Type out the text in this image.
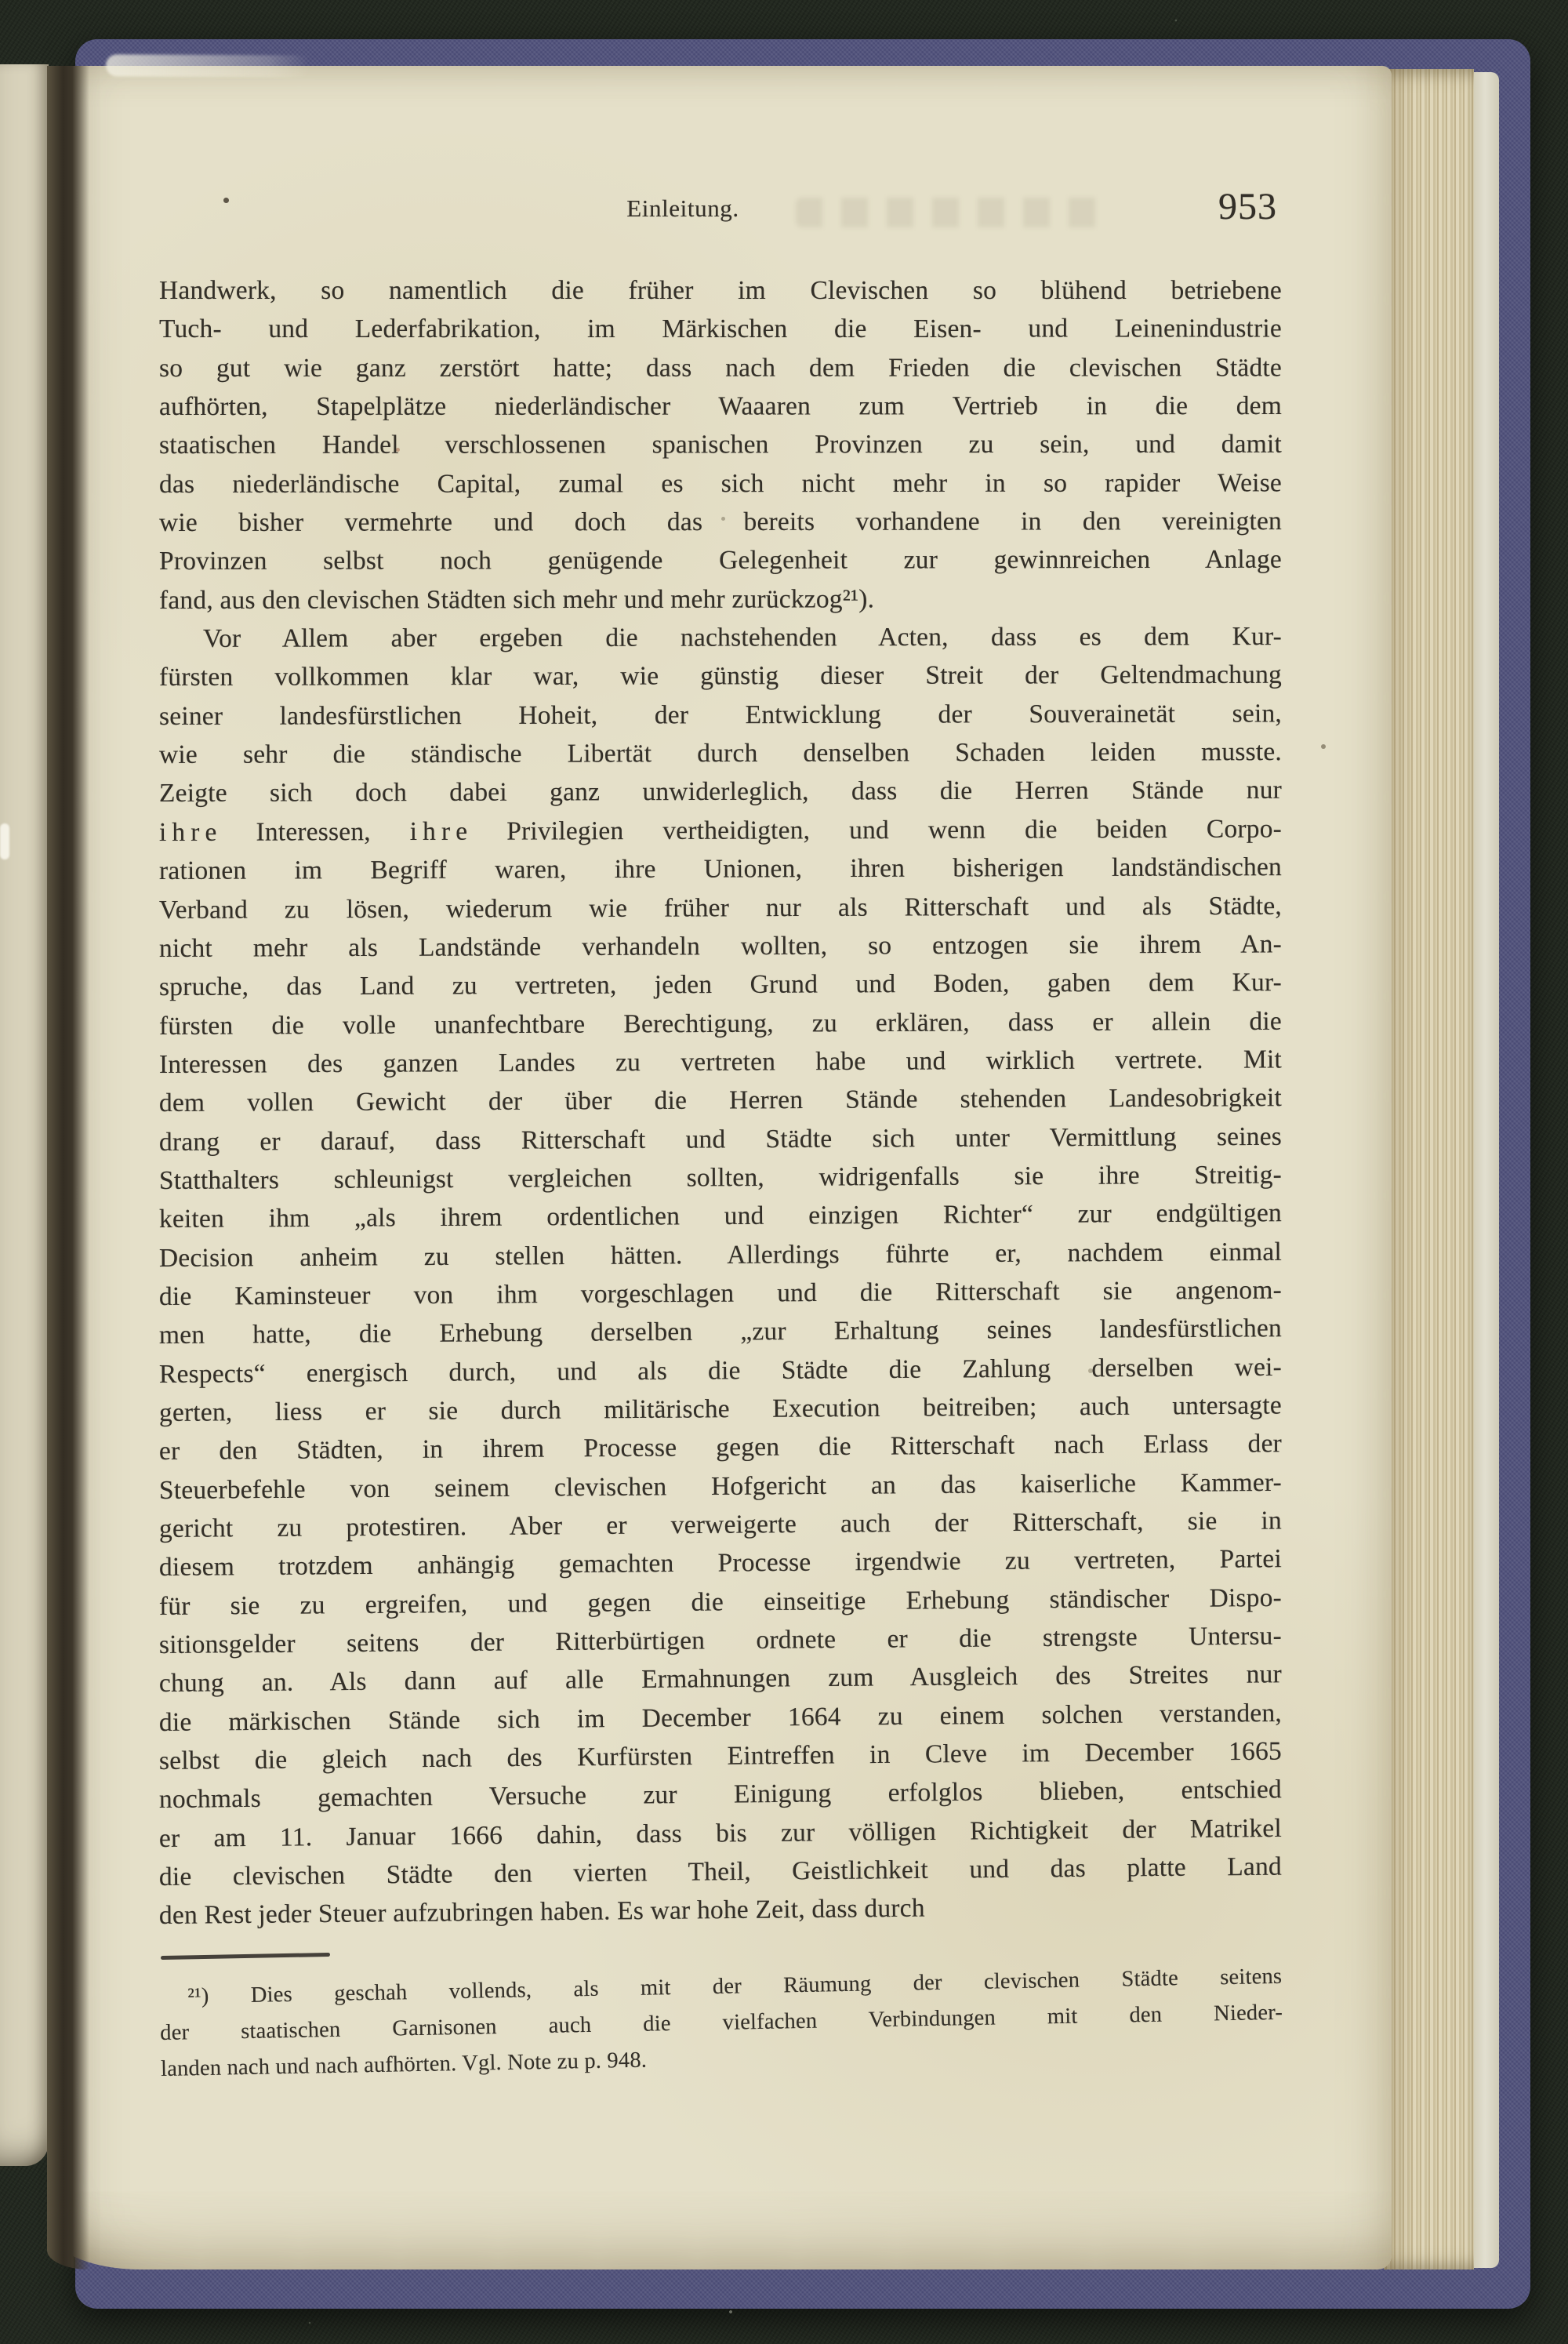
Einleitung.	953
Handwerk, so namentlich die früher im Clevischen so blühend betriebene
Tuch- und Lederfabrikation, im Märkischen die Eisen- und Leinenindustrie
so gut wie ganz zerstört hatte; dass nach dem Frieden die clevischen Städte
aufhörten, Stapelplätze niederländischer Waaaren zum Vertrieb in die dem
staatischen Handel verschlossenen spanischen Provinzen zu sein, und damit
das niederländische Capital, zumal es sich nicht mehr in so rapider Weise
wie bisher vermehrte und doch das bereits vorhandene in den vereinigten
Provinzen selbst noch genügende Gelegenheit zur gewinnreichen Anlage
fand, aus den clevischen Städten sich mehr und mehr zurückzog²¹).
Vor Allem aber ergeben die nachstehenden Acten, dass es dem Kur-
fürsten vollkommen klar war, wie günstig dieser Streit der Geltendmachung
seiner landesfürstlichen Hoheit, der Entwicklung der Souverainetät sein,
wie sehr die ständische Libertät durch denselben Schaden leiden musste.
Zeigte sich doch dabei ganz unwiderleglich, dass die Herren Stände nur
i h r e Interessen, i h r e Privilegien vertheidigten, und wenn die beiden Corpo-
rationen im Begriff waren, ihre Unionen, ihren bisherigen landständischen
Verband zu lösen, wiederum wie früher nur als Ritterschaft und als Städte,
nicht mehr als Landstände verhandeln wollten, so entzogen sie ihrem An-
spruche, das Land zu vertreten, jeden Grund und Boden, gaben dem Kur-
fürsten die volle unanfechtbare Berechtigung, zu erklären, dass er allein die
Interessen des ganzen Landes zu vertreten habe und wirklich vertrete. Mit
dem vollen Gewicht der über die Herren Stände stehenden Landesobrigkeit
drang er darauf, dass Ritterschaft und Städte sich unter Vermittlung seines
Statthalters schleunigst vergleichen sollten, widrigenfalls sie ihre Streitig-
keiten ihm „als ihrem ordentlichen und einzigen Richter“ zur endgültigen
Decision anheim zu stellen hätten. Allerdings führte er, nachdem einmal
die Kaminsteuer von ihm vorgeschlagen und die Ritterschaft sie angenom-
men hatte, die Erhebung derselben „zur Erhaltung seines landesfürstlichen
Respects“ energisch durch, und als die Städte die Zahlung derselben wei-
gerten, liess er sie durch militärische Execution beitreiben; auch untersagte
er den Städten, in ihrem Processe gegen die Ritterschaft nach Erlass der
Steuerbefehle von seinem clevischen Hofgericht an das kaiserliche Kammer-
gericht zu protestiren. Aber er verweigerte auch der Ritterschaft, sie in
diesem trotzdem anhängig gemachten Processe irgendwie zu vertreten, Partei
für sie zu ergreifen, und gegen die einseitige Erhebung ständischer Dispo-
sitionsgelder seitens der Ritterbürtigen ordnete er die strengste Untersu-
chung an. Als dann auf alle Ermahnungen zum Ausgleich des Streites nur
die märkischen Stände sich im December 1664 zu einem solchen verstanden,
selbst die gleich nach des Kurfürsten Eintreffen in Cleve im December 1665
nochmals gemachten Versuche zur Einigung erfolglos blieben, entschied
er am 11. Januar 1666 dahin, dass bis zur völligen Richtigkeit der Matrikel
die clevischen Städte den vierten Theil, Geistlichkeit und das platte Land
den Rest jeder Steuer aufzubringen haben. Es war hohe Zeit, dass durch
²¹) Dies geschah vollends, als mit der Räumung der clevischen Städte seitens
der staatischen Garnisonen auch die vielfachen Verbindungen mit den Nieder-
landen nach und nach aufhörten. Vgl. Note zu p. 948.
